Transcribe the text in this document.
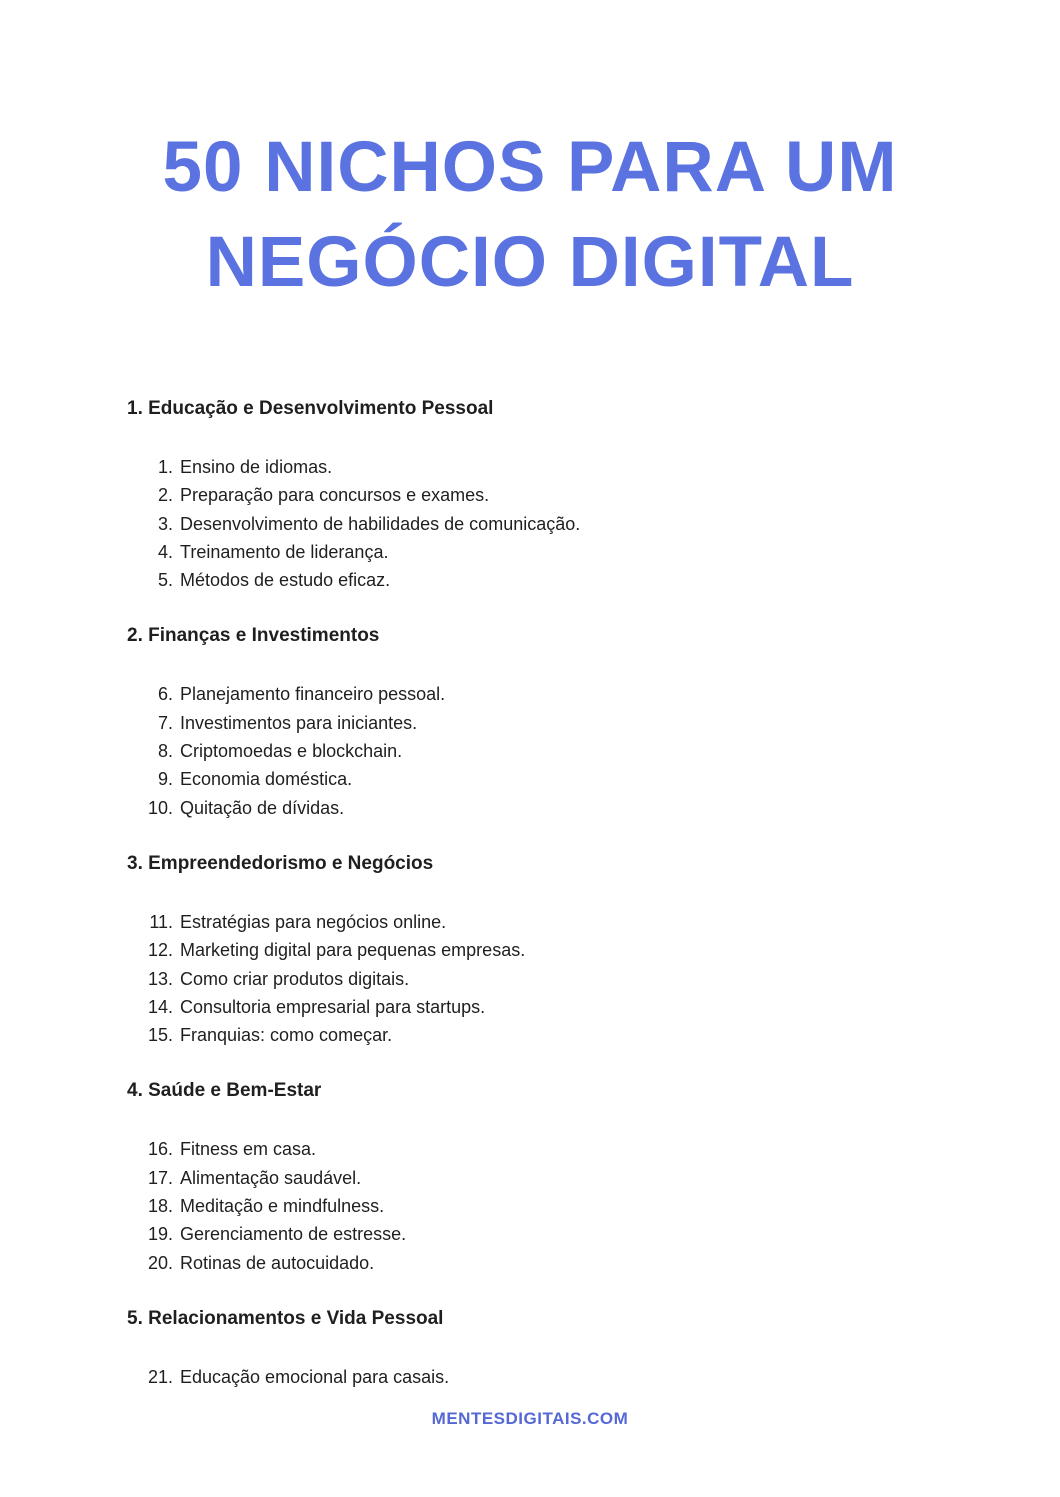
50 NICHOS PARA UM
NEGÓCIO DIGITAL
1. Educação e Desenvolvimento Pessoal
1. Ensino de idiomas.
2. Preparação para concursos e exames.
3. Desenvolvimento de habilidades de comunicação.
4. Treinamento de liderança.
5. Métodos de estudo eficaz.
2. Finanças e Investimentos
6. Planejamento financeiro pessoal.
7. Investimentos para iniciantes.
8. Criptomoedas e blockchain.
9. Economia doméstica.
10. Quitação de dívidas.
3. Empreendedorismo e Negócios
11. Estratégias para negócios online.
12. Marketing digital para pequenas empresas.
13. Como criar produtos digitais.
14. Consultoria empresarial para startups.
15. Franquias: como começar.
4. Saúde e Bem-Estar
16. Fitness em casa.
17. Alimentação saudável.
18. Meditação e mindfulness.
19. Gerenciamento de estresse.
20. Rotinas de autocuidado.
5. Relacionamentos e Vida Pessoal
21. Educação emocional para casais.
MENTESDIGITAIS.COM
